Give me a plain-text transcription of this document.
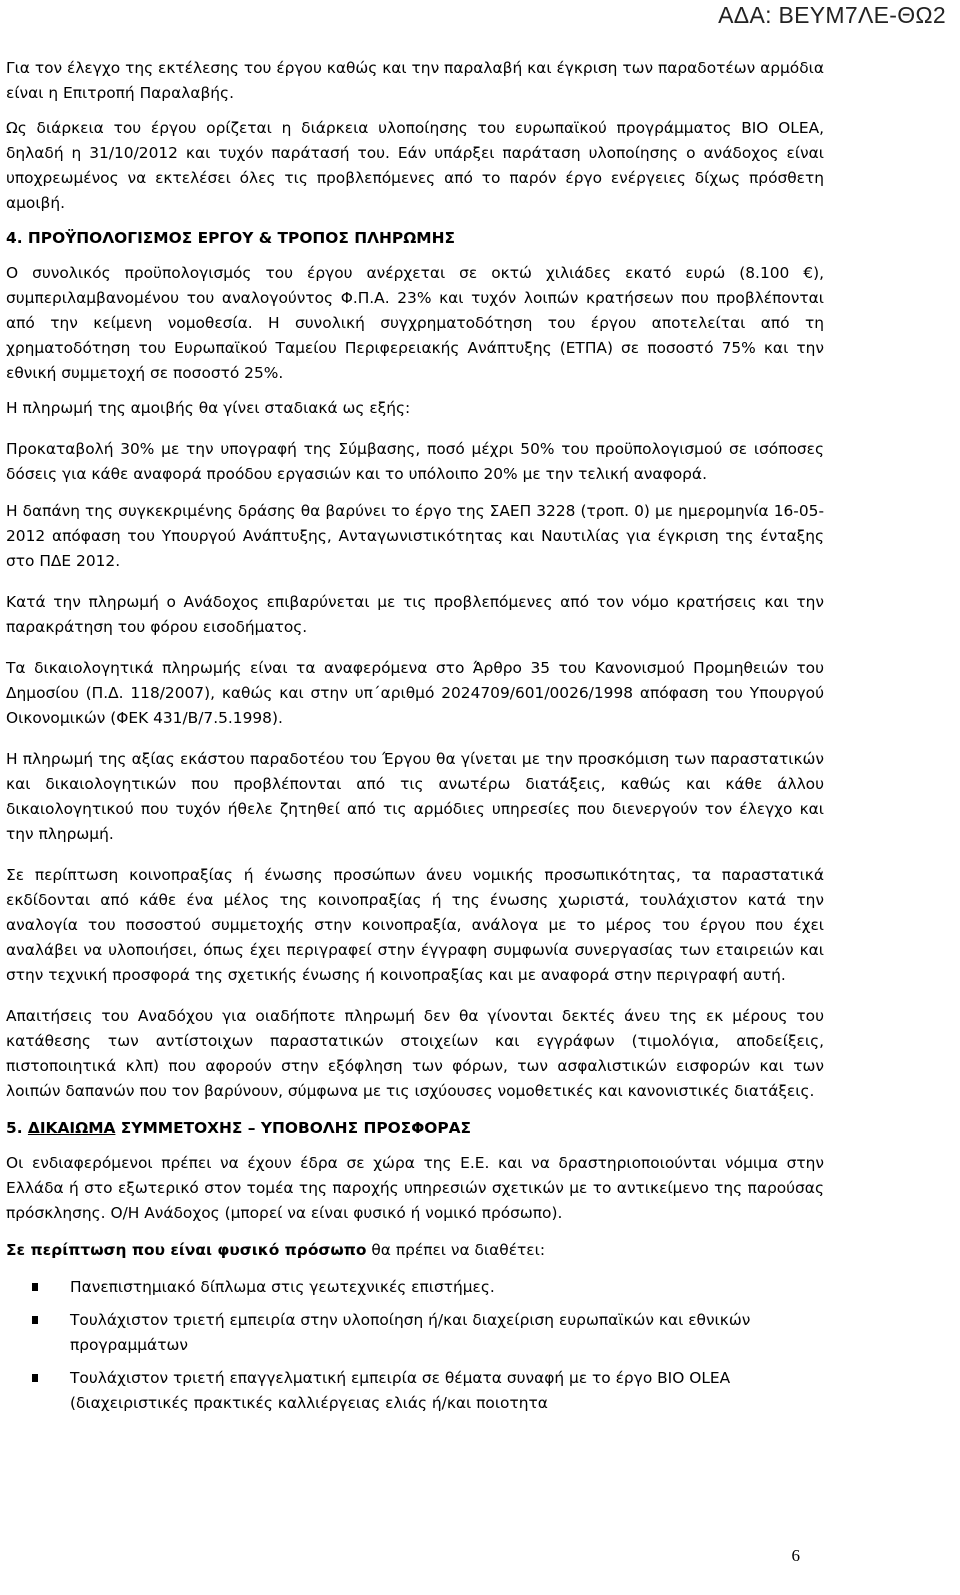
ΑΔΑ: ΒΕΥΜ7ΛΕ-ΘΩ2

Για τον έλεγχο της εκτέλεσης του έργου καθώς και την παραλαβή και έγκριση των παραδοτέων αρμόδια είναι η Επιτροπή Παραλαβής.

Ως διάρκεια του έργου ορίζεται η διάρκεια υλοποίησης του ευρωπαϊκού προγράμματος BIO OLEA, δηλαδή η 31/10/2012 και τυχόν παράτασή του. Εάν υπάρξει παράταση υλοποίησης ο ανάδοχος είναι υποχρεωμένος να εκτελέσει όλες τις προβλεπόμενες από το παρόν έργο ενέργειες δίχως πρόσθετη αμοιβή.

4. ΠΡΟΫΠΟΛΟΓΙΣΜΟΣ ΕΡΓΟΥ & ΤΡΟΠΟΣ ΠΛΗΡΩΜΗΣ

Ο συνολικός προϋπολογισμός του έργου ανέρχεται σε οκτώ χιλιάδες εκατό ευρώ (8.100 €), συμπεριλαμβανομένου του αναλογούντος Φ.Π.Α. 23% και τυχόν λοιπών κρατήσεων που προβλέπονται από την κείμενη νομοθεσία. Η συνολική συγχρηματοδότηση του έργου αποτελείται από τη χρηματοδότηση του Ευρωπαϊκού Ταμείου Περιφερειακής Ανάπτυξης (ΕΤΠΑ) σε ποσοστό 75% και την εθνική συμμετοχή σε ποσοστό 25%.

Η πληρωμή της αμοιβής θα γίνει σταδιακά ως εξής:

Προκαταβολή 30% με την υπογραφή της Σύμβασης, ποσό μέχρι 50% του προϋπολογισμού σε ισόποσες δόσεις για κάθε αναφορά προόδου εργασιών και το υπόλοιπο 20% με την τελική αναφορά.

Η δαπάνη της συγκεκριμένης δράσης θα βαρύνει το έργο της ΣΑΕΠ 3228 (τροπ. 0) με ημερομηνία 16-05-2012 απόφαση του Υπουργού Ανάπτυξης, Ανταγωνιστικότητας και Ναυτιλίας για έγκριση της ένταξης στο ΠΔΕ 2012.

Κατά την πληρωμή ο Ανάδοχος επιβαρύνεται με τις προβλεπόμενες από τον νόμο κρατήσεις και την παρακράτηση του φόρου εισοδήματος.

Τα δικαιολογητικά πληρωμής είναι τα αναφερόμενα στο Άρθρο 35 του Κανονισμού Προμηθειών του Δημοσίου (Π.Δ. 118/2007), καθώς και στην υπ΄αριθμό 2024709/601/0026/1998 απόφαση του Υπουργού Οικονομικών (ΦΕΚ 431/Β/7.5.1998).

Η πληρωμή της αξίας εκάστου παραδοτέου του Έργου θα γίνεται με την προσκόμιση των παραστατικών και δικαιολογητικών που προβλέπονται από τις ανωτέρω διατάξεις, καθώς και κάθε άλλου δικαιολογητικού που τυχόν ήθελε ζητηθεί από τις αρμόδιες υπηρεσίες που διενεργούν τον έλεγχο και την πληρωμή.

Σε περίπτωση κοινοπραξίας ή ένωσης προσώπων άνευ νομικής προσωπικότητας, τα παραστατικά εκδίδονται από κάθε ένα μέλος της κοινοπραξίας ή της ένωσης χωριστά, τουλάχιστον κατά την αναλογία του ποσοστού συμμετοχής στην κοινοπραξία, ανάλογα με το μέρος του έργου που έχει αναλάβει να υλοποιήσει, όπως έχει περιγραφεί στην έγγραφη συμφωνία συνεργασίας των εταιρειών και στην τεχνική προσφορά της σχετικής ένωσης ή κοινοπραξίας και με αναφορά στην περιγραφή αυτή.

Απαιτήσεις του Αναδόχου για οιαδήποτε πληρωμή δεν θα γίνονται δεκτές άνευ της εκ μέρους του κατάθεσης των αντίστοιχων παραστατικών στοιχείων και εγγράφων (τιμολόγια, αποδείξεις, πιστοποιητικά κλπ) που αφορούν στην εξόφληση των φόρων, των ασφαλιστικών εισφορών και των λοιπών δαπανών που τον βαρύνουν, σύμφωνα με τις ισχύουσες νομοθετικές και κανονιστικές διατάξεις.

5. ΔΙΚΑΙΩΜΑ ΣΥΜΜΕΤΟΧΗΣ – ΥΠΟΒΟΛΗΣ ΠΡΟΣΦΟΡΑΣ

Οι ενδιαφερόμενοι πρέπει να έχουν έδρα σε χώρα της Ε.Ε. και να δραστηριοποιούνται νόμιμα στην Ελλάδα ή στο εξωτερικό στον τομέα της παροχής υπηρεσιών σχετικών με το αντικείμενο της παρούσας πρόσκλησης. Ο/Η Ανάδοχος (μπορεί να είναι φυσικό ή νομικό πρόσωπο).

Σε περίπτωση που είναι φυσικό πρόσωπο θα πρέπει να διαθέτει:

Πανεπιστημιακό δίπλωμα στις γεωτεχνικές επιστήμες.
Τουλάχιστον τριετή εμπειρία στην υλοποίηση ή/και διαχείριση ευρωπαϊκών και εθνικών προγραμμάτων
Τουλάχιστον τριετή επαγγελματική εμπειρία σε θέματα συναφή με το έργο BIO OLEA (διαχειριστικές πρακτικές καλλιέργειας ελιάς ή/και ποιοτητα
6
